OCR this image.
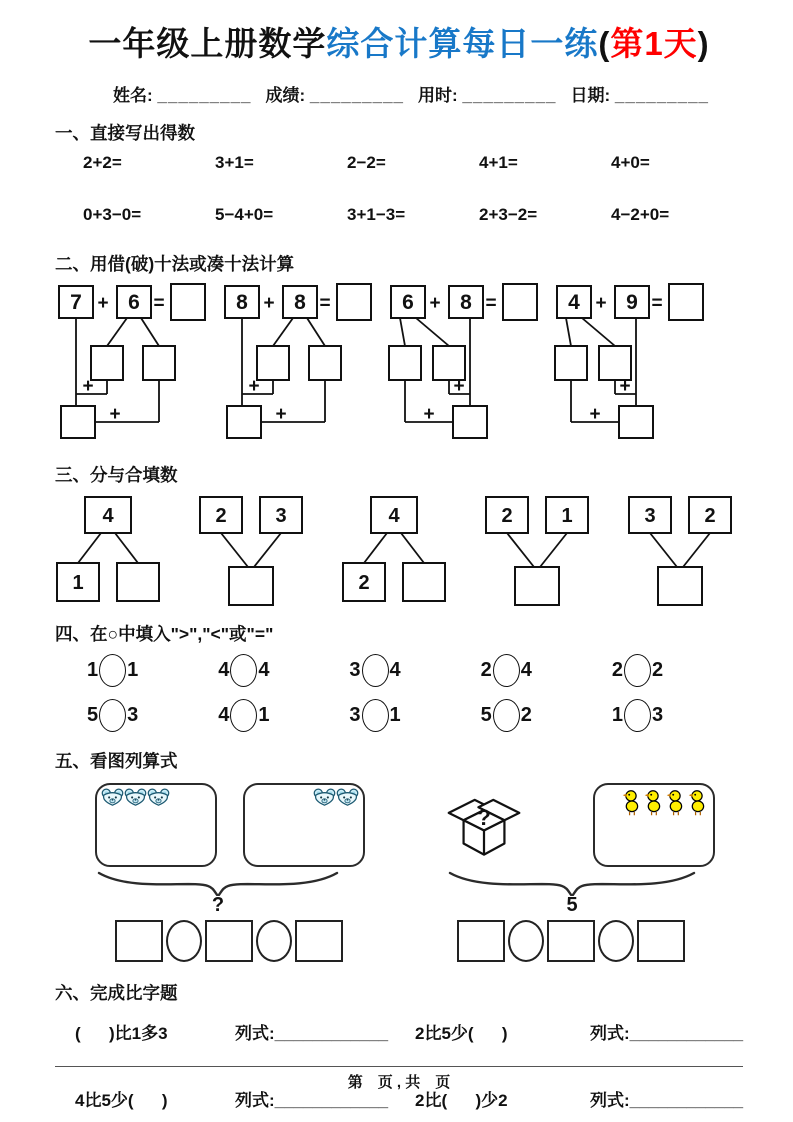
一年级上册数学综合计算每日一练(第1天)
姓名: _________ 成绩: _________ 用时: _________ 日期: _________
一、直接写出得数
2+2=	3+1=	2−2=	4+1=	4+0=
0+3−0=	5−4+0=	3+1−3=	2+3−2=	4−2+0=
二、用借(破)十法或凑十法计算
7 + 6 =
+
+
8 + 8 =
+
+
6 + 8 =
+
+
4 + 9 =
+
+
三、分与合填数
4
1
2 3	4
2
2 1	3 2
四、在○中填入">","<"或"="
1 1	4 4	3 4	2 4	2 2
5 3	4 1	3 1	5 2	1 3
五、看图列算式
?
?
5
六、完成比字题
(      )比1多3	列式:____________	2比5少(      )	列式:____________
4比5少(      )	列式:____________	2比(      )少2	列式:____________
第　页 , 共　页
